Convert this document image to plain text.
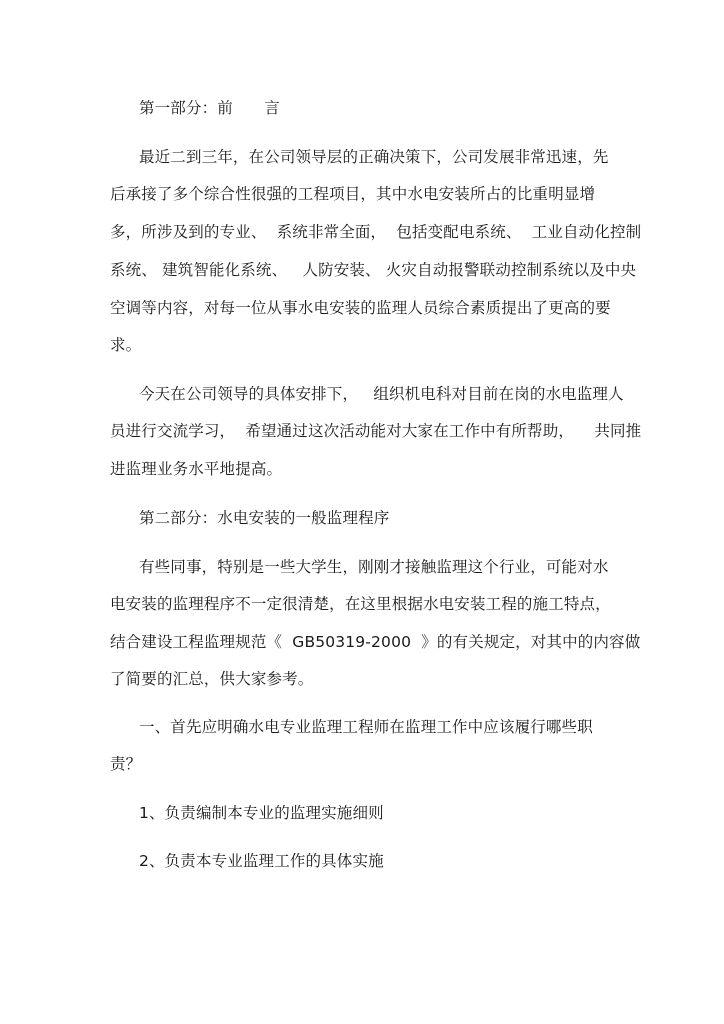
第一部分：前　　言
最近二到三年，在公司领导层的正确决策下，公司发展非常迅速，先
后承接了多个综合性很强的工程项目，其中水电安装所占的比重明显增
多，所涉及到的专业、  系统非常全面，  包括变配电系统、  工业自动化控制
系统、 建筑智能化系统、   人防安装、 火灾自动报警联动控制系统以及中央
空调等内容，对每一位从事水电安装的监理人员综合素质提出了更高的要
求。
今天在公司领导的具体安排下，   组织机电科对目前在岗的水电监理人
员进行交流学习，  希望通过这次活动能对大家在工作中有所帮助，    共同推
进监理业务水平地提高。
第二部分：水电安装的一般监理程序
有些同事，特别是一些大学生，刚刚才接触监理这个行业，可能对水
电安装的监理程序不一定很清楚，在这里根据水电安装工程的施工特点，
结合建设工程监理规范《  GB50319-2000  》的有关规定，对其中的内容做
了简要的汇总，供大家参考。
一、首先应明确水电专业监理工程师在监理工作中应该履行哪些职
责？
1、负责编制本专业的监理实施细则
2、负责本专业监理工作的具体实施
